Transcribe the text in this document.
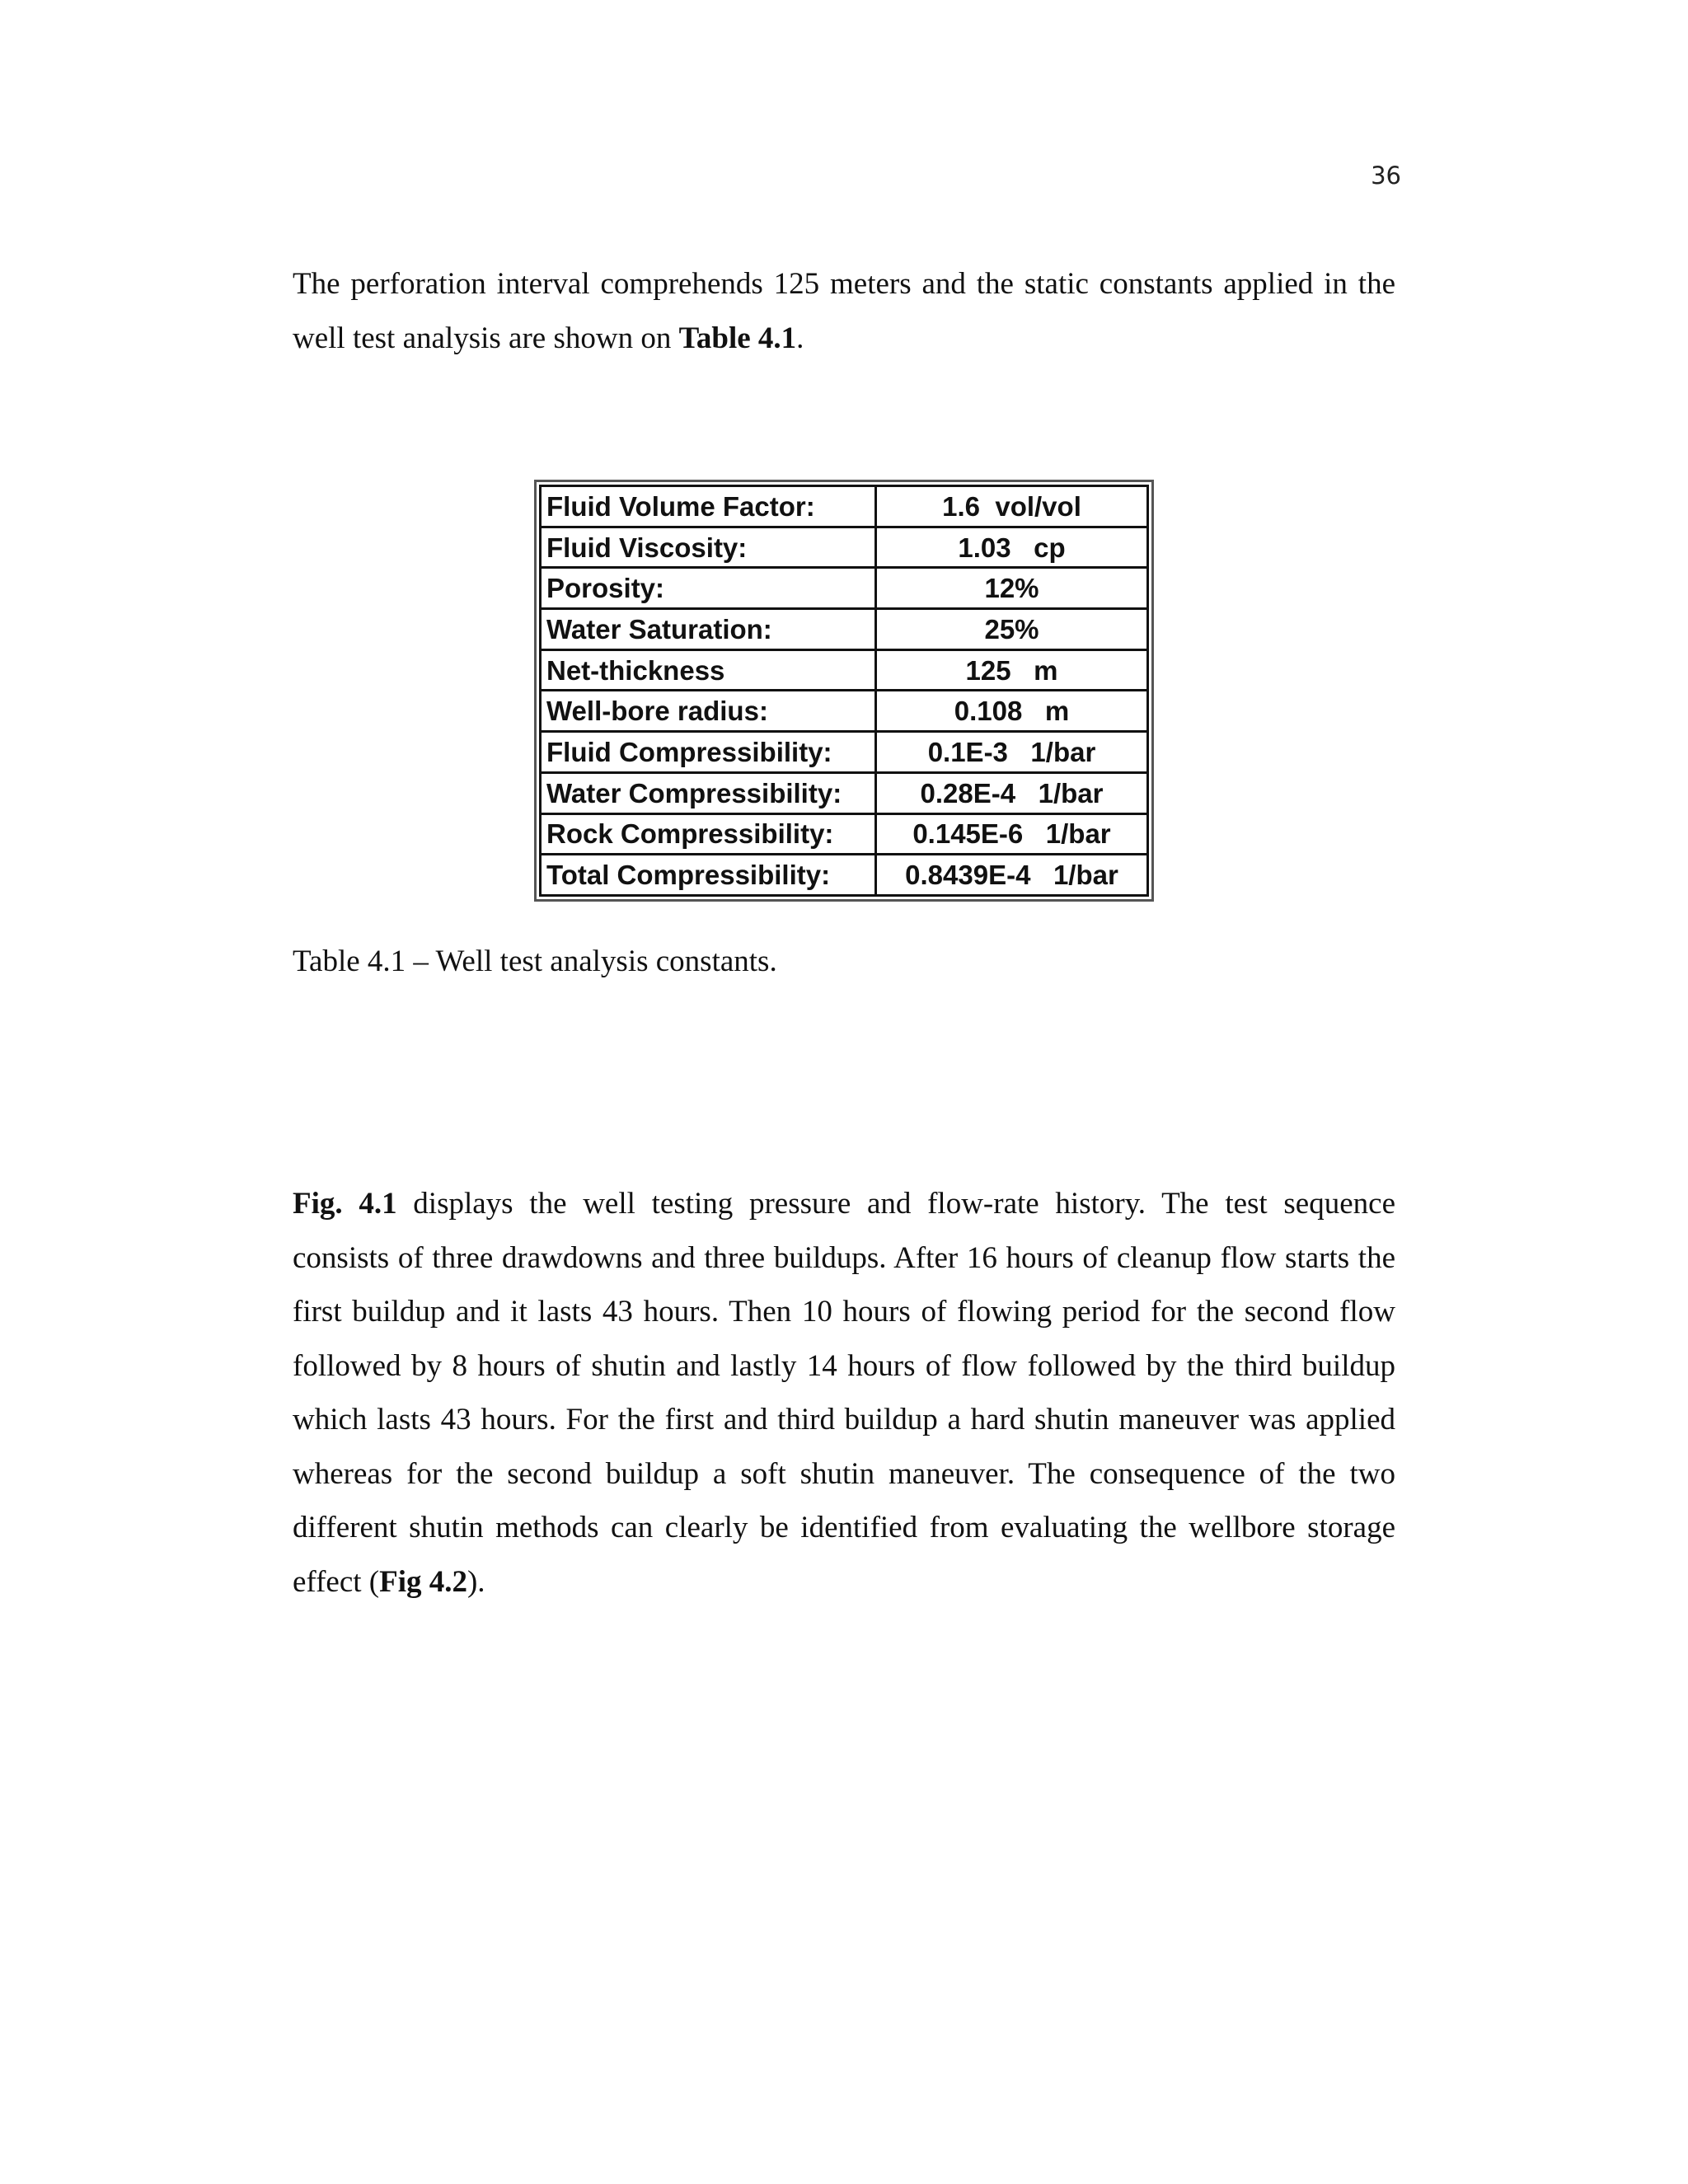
36

The perforation interval comprehends 125 meters and the static constants applied in the well test analysis are shown on Table 4.1.

Fluid Volume Factor:	1.6  vol/vol
Fluid Viscosity:	1.03   cp
Porosity:	12%
Water Saturation:	25%
Net-thickness	125   m
Well-bore radius:	0.108   m
Fluid Compressibility:	0.1E-3   1/bar
Water Compressibility:	0.28E-4   1/bar
Rock Compressibility:	0.145E-6   1/bar
Total Compressibility:	0.8439E-4   1/bar

Table 4.1 – Well test analysis constants.

Fig. 4.1 displays the well testing pressure and flow-rate history. The test sequence consists of three drawdowns and three buildups. After 16 hours of cleanup flow starts the first buildup and it lasts 43 hours. Then 10 hours of flowing period for the second flow followed by 8 hours of shutin and lastly 14 hours of flow followed by the third buildup which lasts 43 hours. For the first and third buildup a hard shutin maneuver was applied whereas for the second buildup a soft shutin maneuver. The consequence of the two different shutin methods can clearly be identified from evaluating the wellbore storage effect (Fig 4.2).
